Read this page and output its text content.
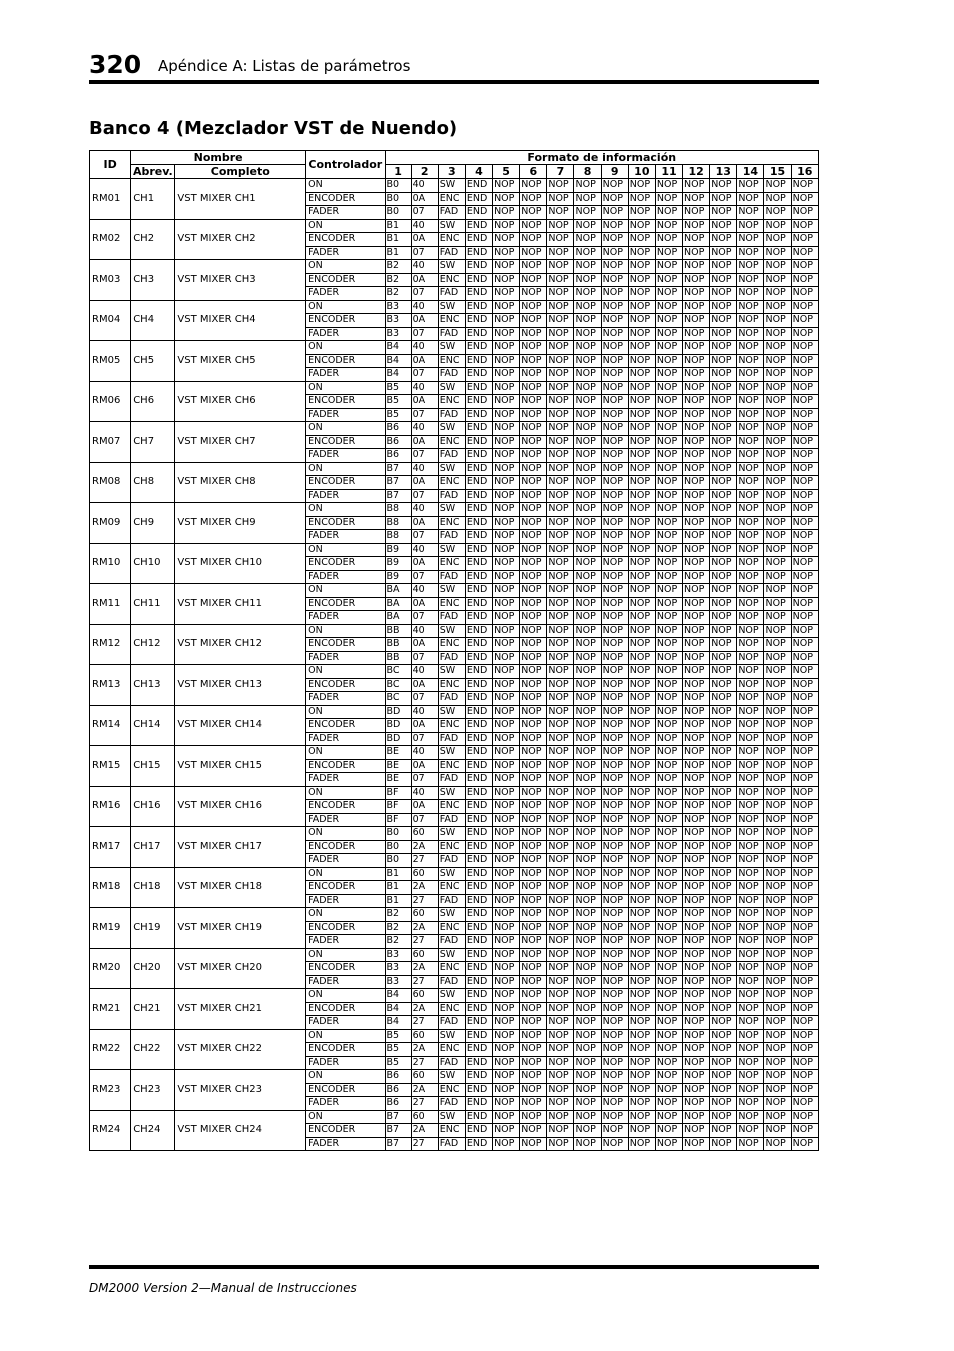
320 Apéndice A: Listas de parámetros
Banco 4 (Mezclador VST de Nuendo)
ID	Nombre		Controlador	Formato de información															
	Abrev.	Completo		1	2	3	4	5	6	7	8	9	10	11	12	13	14	15	16
RM01	CH1	VST MIXER CH1	ON	B0	40	SW	END	NOP	NOP	NOP	NOP	NOP	NOP	NOP	NOP	NOP	NOP	NOP	NOP
			ENCODER	B0	0A	ENC	END	NOP	NOP	NOP	NOP	NOP	NOP	NOP	NOP	NOP	NOP	NOP	NOP
			FADER	B0	07	FAD	END	NOP	NOP	NOP	NOP	NOP	NOP	NOP	NOP	NOP	NOP	NOP	NOP
RM02	CH2	VST MIXER CH2	ON	B1	40	SW	END	NOP	NOP	NOP	NOP	NOP	NOP	NOP	NOP	NOP	NOP	NOP	NOP
			ENCODER	B1	0A	ENC	END	NOP	NOP	NOP	NOP	NOP	NOP	NOP	NOP	NOP	NOP	NOP	NOP
			FADER	B1	07	FAD	END	NOP	NOP	NOP	NOP	NOP	NOP	NOP	NOP	NOP	NOP	NOP	NOP
RM03	CH3	VST MIXER CH3	ON	B2	40	SW	END	NOP	NOP	NOP	NOP	NOP	NOP	NOP	NOP	NOP	NOP	NOP	NOP
			ENCODER	B2	0A	ENC	END	NOP	NOP	NOP	NOP	NOP	NOP	NOP	NOP	NOP	NOP	NOP	NOP
			FADER	B2	07	FAD	END	NOP	NOP	NOP	NOP	NOP	NOP	NOP	NOP	NOP	NOP	NOP	NOP
RM04	CH4	VST MIXER CH4	ON	B3	40	SW	END	NOP	NOP	NOP	NOP	NOP	NOP	NOP	NOP	NOP	NOP	NOP	NOP
			ENCODER	B3	0A	ENC	END	NOP	NOP	NOP	NOP	NOP	NOP	NOP	NOP	NOP	NOP	NOP	NOP
			FADER	B3	07	FAD	END	NOP	NOP	NOP	NOP	NOP	NOP	NOP	NOP	NOP	NOP	NOP	NOP
RM05	CH5	VST MIXER CH5	ON	B4	40	SW	END	NOP	NOP	NOP	NOP	NOP	NOP	NOP	NOP	NOP	NOP	NOP	NOP
			ENCODER	B4	0A	ENC	END	NOP	NOP	NOP	NOP	NOP	NOP	NOP	NOP	NOP	NOP	NOP	NOP
			FADER	B4	07	FAD	END	NOP	NOP	NOP	NOP	NOP	NOP	NOP	NOP	NOP	NOP	NOP	NOP
RM06	CH6	VST MIXER CH6	ON	B5	40	SW	END	NOP	NOP	NOP	NOP	NOP	NOP	NOP	NOP	NOP	NOP	NOP	NOP
			ENCODER	B5	0A	ENC	END	NOP	NOP	NOP	NOP	NOP	NOP	NOP	NOP	NOP	NOP	NOP	NOP
			FADER	B5	07	FAD	END	NOP	NOP	NOP	NOP	NOP	NOP	NOP	NOP	NOP	NOP	NOP	NOP
RM07	CH7	VST MIXER CH7	ON	B6	40	SW	END	NOP	NOP	NOP	NOP	NOP	NOP	NOP	NOP	NOP	NOP	NOP	NOP
			ENCODER	B6	0A	ENC	END	NOP	NOP	NOP	NOP	NOP	NOP	NOP	NOP	NOP	NOP	NOP	NOP
			FADER	B6	07	FAD	END	NOP	NOP	NOP	NOP	NOP	NOP	NOP	NOP	NOP	NOP	NOP	NOP
RM08	CH8	VST MIXER CH8	ON	B7	40	SW	END	NOP	NOP	NOP	NOP	NOP	NOP	NOP	NOP	NOP	NOP	NOP	NOP
			ENCODER	B7	0A	ENC	END	NOP	NOP	NOP	NOP	NOP	NOP	NOP	NOP	NOP	NOP	NOP	NOP
			FADER	B7	07	FAD	END	NOP	NOP	NOP	NOP	NOP	NOP	NOP	NOP	NOP	NOP	NOP	NOP
RM09	CH9	VST MIXER CH9	ON	B8	40	SW	END	NOP	NOP	NOP	NOP	NOP	NOP	NOP	NOP	NOP	NOP	NOP	NOP
			ENCODER	B8	0A	ENC	END	NOP	NOP	NOP	NOP	NOP	NOP	NOP	NOP	NOP	NOP	NOP	NOP
			FADER	B8	07	FAD	END	NOP	NOP	NOP	NOP	NOP	NOP	NOP	NOP	NOP	NOP	NOP	NOP
RM10	CH10	VST MIXER CH10	ON	B9	40	SW	END	NOP	NOP	NOP	NOP	NOP	NOP	NOP	NOP	NOP	NOP	NOP	NOP
			ENCODER	B9	0A	ENC	END	NOP	NOP	NOP	NOP	NOP	NOP	NOP	NOP	NOP	NOP	NOP	NOP
			FADER	B9	07	FAD	END	NOP	NOP	NOP	NOP	NOP	NOP	NOP	NOP	NOP	NOP	NOP	NOP
RM11	CH11	VST MIXER CH11	ON	BA	40	SW	END	NOP	NOP	NOP	NOP	NOP	NOP	NOP	NOP	NOP	NOP	NOP	NOP
			ENCODER	BA	0A	ENC	END	NOP	NOP	NOP	NOP	NOP	NOP	NOP	NOP	NOP	NOP	NOP	NOP
			FADER	BA	07	FAD	END	NOP	NOP	NOP	NOP	NOP	NOP	NOP	NOP	NOP	NOP	NOP	NOP
RM12	CH12	VST MIXER CH12	ON	BB	40	SW	END	NOP	NOP	NOP	NOP	NOP	NOP	NOP	NOP	NOP	NOP	NOP	NOP
			ENCODER	BB	0A	ENC	END	NOP	NOP	NOP	NOP	NOP	NOP	NOP	NOP	NOP	NOP	NOP	NOP
			FADER	BB	07	FAD	END	NOP	NOP	NOP	NOP	NOP	NOP	NOP	NOP	NOP	NOP	NOP	NOP
RM13	CH13	VST MIXER CH13	ON	BC	40	SW	END	NOP	NOP	NOP	NOP	NOP	NOP	NOP	NOP	NOP	NOP	NOP	NOP
			ENCODER	BC	0A	ENC	END	NOP	NOP	NOP	NOP	NOP	NOP	NOP	NOP	NOP	NOP	NOP	NOP
			FADER	BC	07	FAD	END	NOP	NOP	NOP	NOP	NOP	NOP	NOP	NOP	NOP	NOP	NOP	NOP
RM14	CH14	VST MIXER CH14	ON	BD	40	SW	END	NOP	NOP	NOP	NOP	NOP	NOP	NOP	NOP	NOP	NOP	NOP	NOP
			ENCODER	BD	0A	ENC	END	NOP	NOP	NOP	NOP	NOP	NOP	NOP	NOP	NOP	NOP	NOP	NOP
			FADER	BD	07	FAD	END	NOP	NOP	NOP	NOP	NOP	NOP	NOP	NOP	NOP	NOP	NOP	NOP
RM15	CH15	VST MIXER CH15	ON	BE	40	SW	END	NOP	NOP	NOP	NOP	NOP	NOP	NOP	NOP	NOP	NOP	NOP	NOP
			ENCODER	BE	0A	ENC	END	NOP	NOP	NOP	NOP	NOP	NOP	NOP	NOP	NOP	NOP	NOP	NOP
			FADER	BE	07	FAD	END	NOP	NOP	NOP	NOP	NOP	NOP	NOP	NOP	NOP	NOP	NOP	NOP
RM16	CH16	VST MIXER CH16	ON	BF	40	SW	END	NOP	NOP	NOP	NOP	NOP	NOP	NOP	NOP	NOP	NOP	NOP	NOP
			ENCODER	BF	0A	ENC	END	NOP	NOP	NOP	NOP	NOP	NOP	NOP	NOP	NOP	NOP	NOP	NOP
			FADER	BF	07	FAD	END	NOP	NOP	NOP	NOP	NOP	NOP	NOP	NOP	NOP	NOP	NOP	NOP
RM17	CH17	VST MIXER CH17	ON	B0	60	SW	END	NOP	NOP	NOP	NOP	NOP	NOP	NOP	NOP	NOP	NOP	NOP	NOP
			ENCODER	B0	2A	ENC	END	NOP	NOP	NOP	NOP	NOP	NOP	NOP	NOP	NOP	NOP	NOP	NOP
			FADER	B0	27	FAD	END	NOP	NOP	NOP	NOP	NOP	NOP	NOP	NOP	NOP	NOP	NOP	NOP
RM18	CH18	VST MIXER CH18	ON	B1	60	SW	END	NOP	NOP	NOP	NOP	NOP	NOP	NOP	NOP	NOP	NOP	NOP	NOP
			ENCODER	B1	2A	ENC	END	NOP	NOP	NOP	NOP	NOP	NOP	NOP	NOP	NOP	NOP	NOP	NOP
			FADER	B1	27	FAD	END	NOP	NOP	NOP	NOP	NOP	NOP	NOP	NOP	NOP	NOP	NOP	NOP
RM19	CH19	VST MIXER CH19	ON	B2	60	SW	END	NOP	NOP	NOP	NOP	NOP	NOP	NOP	NOP	NOP	NOP	NOP	NOP
			ENCODER	B2	2A	ENC	END	NOP	NOP	NOP	NOP	NOP	NOP	NOP	NOP	NOP	NOP	NOP	NOP
			FADER	B2	27	FAD	END	NOP	NOP	NOP	NOP	NOP	NOP	NOP	NOP	NOP	NOP	NOP	NOP
RM20	CH20	VST MIXER CH20	ON	B3	60	SW	END	NOP	NOP	NOP	NOP	NOP	NOP	NOP	NOP	NOP	NOP	NOP	NOP
			ENCODER	B3	2A	ENC	END	NOP	NOP	NOP	NOP	NOP	NOP	NOP	NOP	NOP	NOP	NOP	NOP
			FADER	B3	27	FAD	END	NOP	NOP	NOP	NOP	NOP	NOP	NOP	NOP	NOP	NOP	NOP	NOP
RM21	CH21	VST MIXER CH21	ON	B4	60	SW	END	NOP	NOP	NOP	NOP	NOP	NOP	NOP	NOP	NOP	NOP	NOP	NOP
			ENCODER	B4	2A	ENC	END	NOP	NOP	NOP	NOP	NOP	NOP	NOP	NOP	NOP	NOP	NOP	NOP
			FADER	B4	27	FAD	END	NOP	NOP	NOP	NOP	NOP	NOP	NOP	NOP	NOP	NOP	NOP	NOP
RM22	CH22	VST MIXER CH22	ON	B5	60	SW	END	NOP	NOP	NOP	NOP	NOP	NOP	NOP	NOP	NOP	NOP	NOP	NOP
			ENCODER	B5	2A	ENC	END	NOP	NOP	NOP	NOP	NOP	NOP	NOP	NOP	NOP	NOP	NOP	NOP
			FADER	B5	27	FAD	END	NOP	NOP	NOP	NOP	NOP	NOP	NOP	NOP	NOP	NOP	NOP	NOP
RM23	CH23	VST MIXER CH23	ON	B6	60	SW	END	NOP	NOP	NOP	NOP	NOP	NOP	NOP	NOP	NOP	NOP	NOP	NOP
			ENCODER	B6	2A	ENC	END	NOP	NOP	NOP	NOP	NOP	NOP	NOP	NOP	NOP	NOP	NOP	NOP
			FADER	B6	27	FAD	END	NOP	NOP	NOP	NOP	NOP	NOP	NOP	NOP	NOP	NOP	NOP	NOP
RM24	CH24	VST MIXER CH24	ON	B7	60	SW	END	NOP	NOP	NOP	NOP	NOP	NOP	NOP	NOP	NOP	NOP	NOP	NOP
			ENCODER	B7	2A	ENC	END	NOP	NOP	NOP	NOP	NOP	NOP	NOP	NOP	NOP	NOP	NOP	NOP
			FADER	B7	27	FAD	END	NOP	NOP	NOP	NOP	NOP	NOP	NOP	NOP	NOP	NOP	NOP	NOP
DM2000 Version 2—Manual de Instrucciones
